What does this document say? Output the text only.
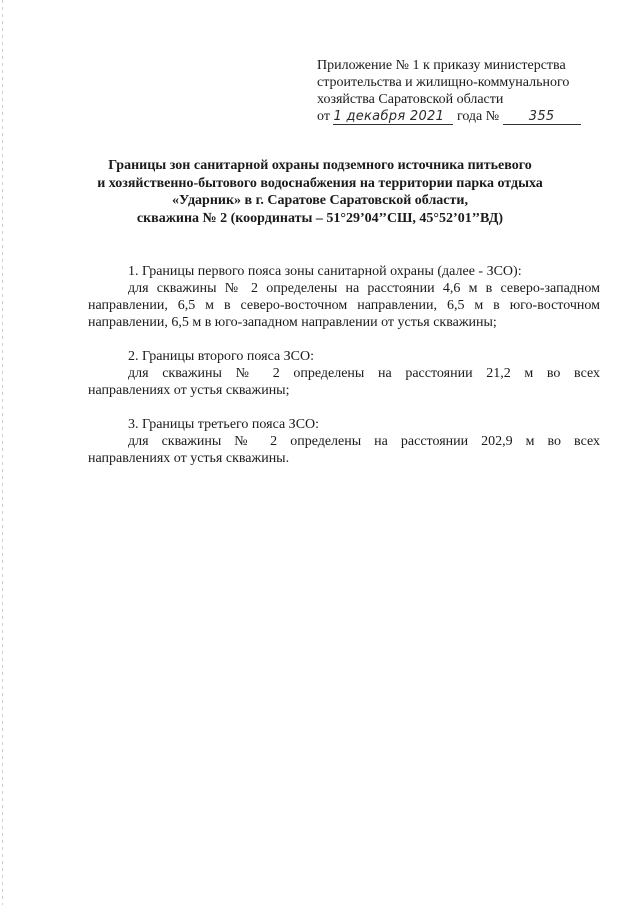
Приложение № 1 к приказу министерства
строительства и жилищно-коммунального
хозяйства Саратовской области
от 1 декабря 2021 года № 355
Границы зон санитарной охраны подземного источника питьевого
и хозяйственно-бытового водоснабжения на территории парка отдыха
«Ударник» в г. Саратове Саратовской области,
скважина № 2 (координаты – 51°29’04’’СШ, 45°52’01’’ВД)
1. Границы первого пояса зоны санитарной охраны (далее - ЗСО):
для скважины № 2 определены на расстоянии 4,6 м в северо-западном
направлении, 6,5 м в северо-восточном направлении, 6,5 м в юго-восточном
направлении, 6,5 м в юго-западном направлении от устья скважины;
2. Границы второго пояса ЗСО:
для скважины № 2 определены на расстоянии 21,2 м во всех
направлениях от устья скважины;
3. Границы третьего пояса ЗСО:
для скважины № 2 определены на расстоянии 202,9 м во всех
направлениях от устья скважины.
